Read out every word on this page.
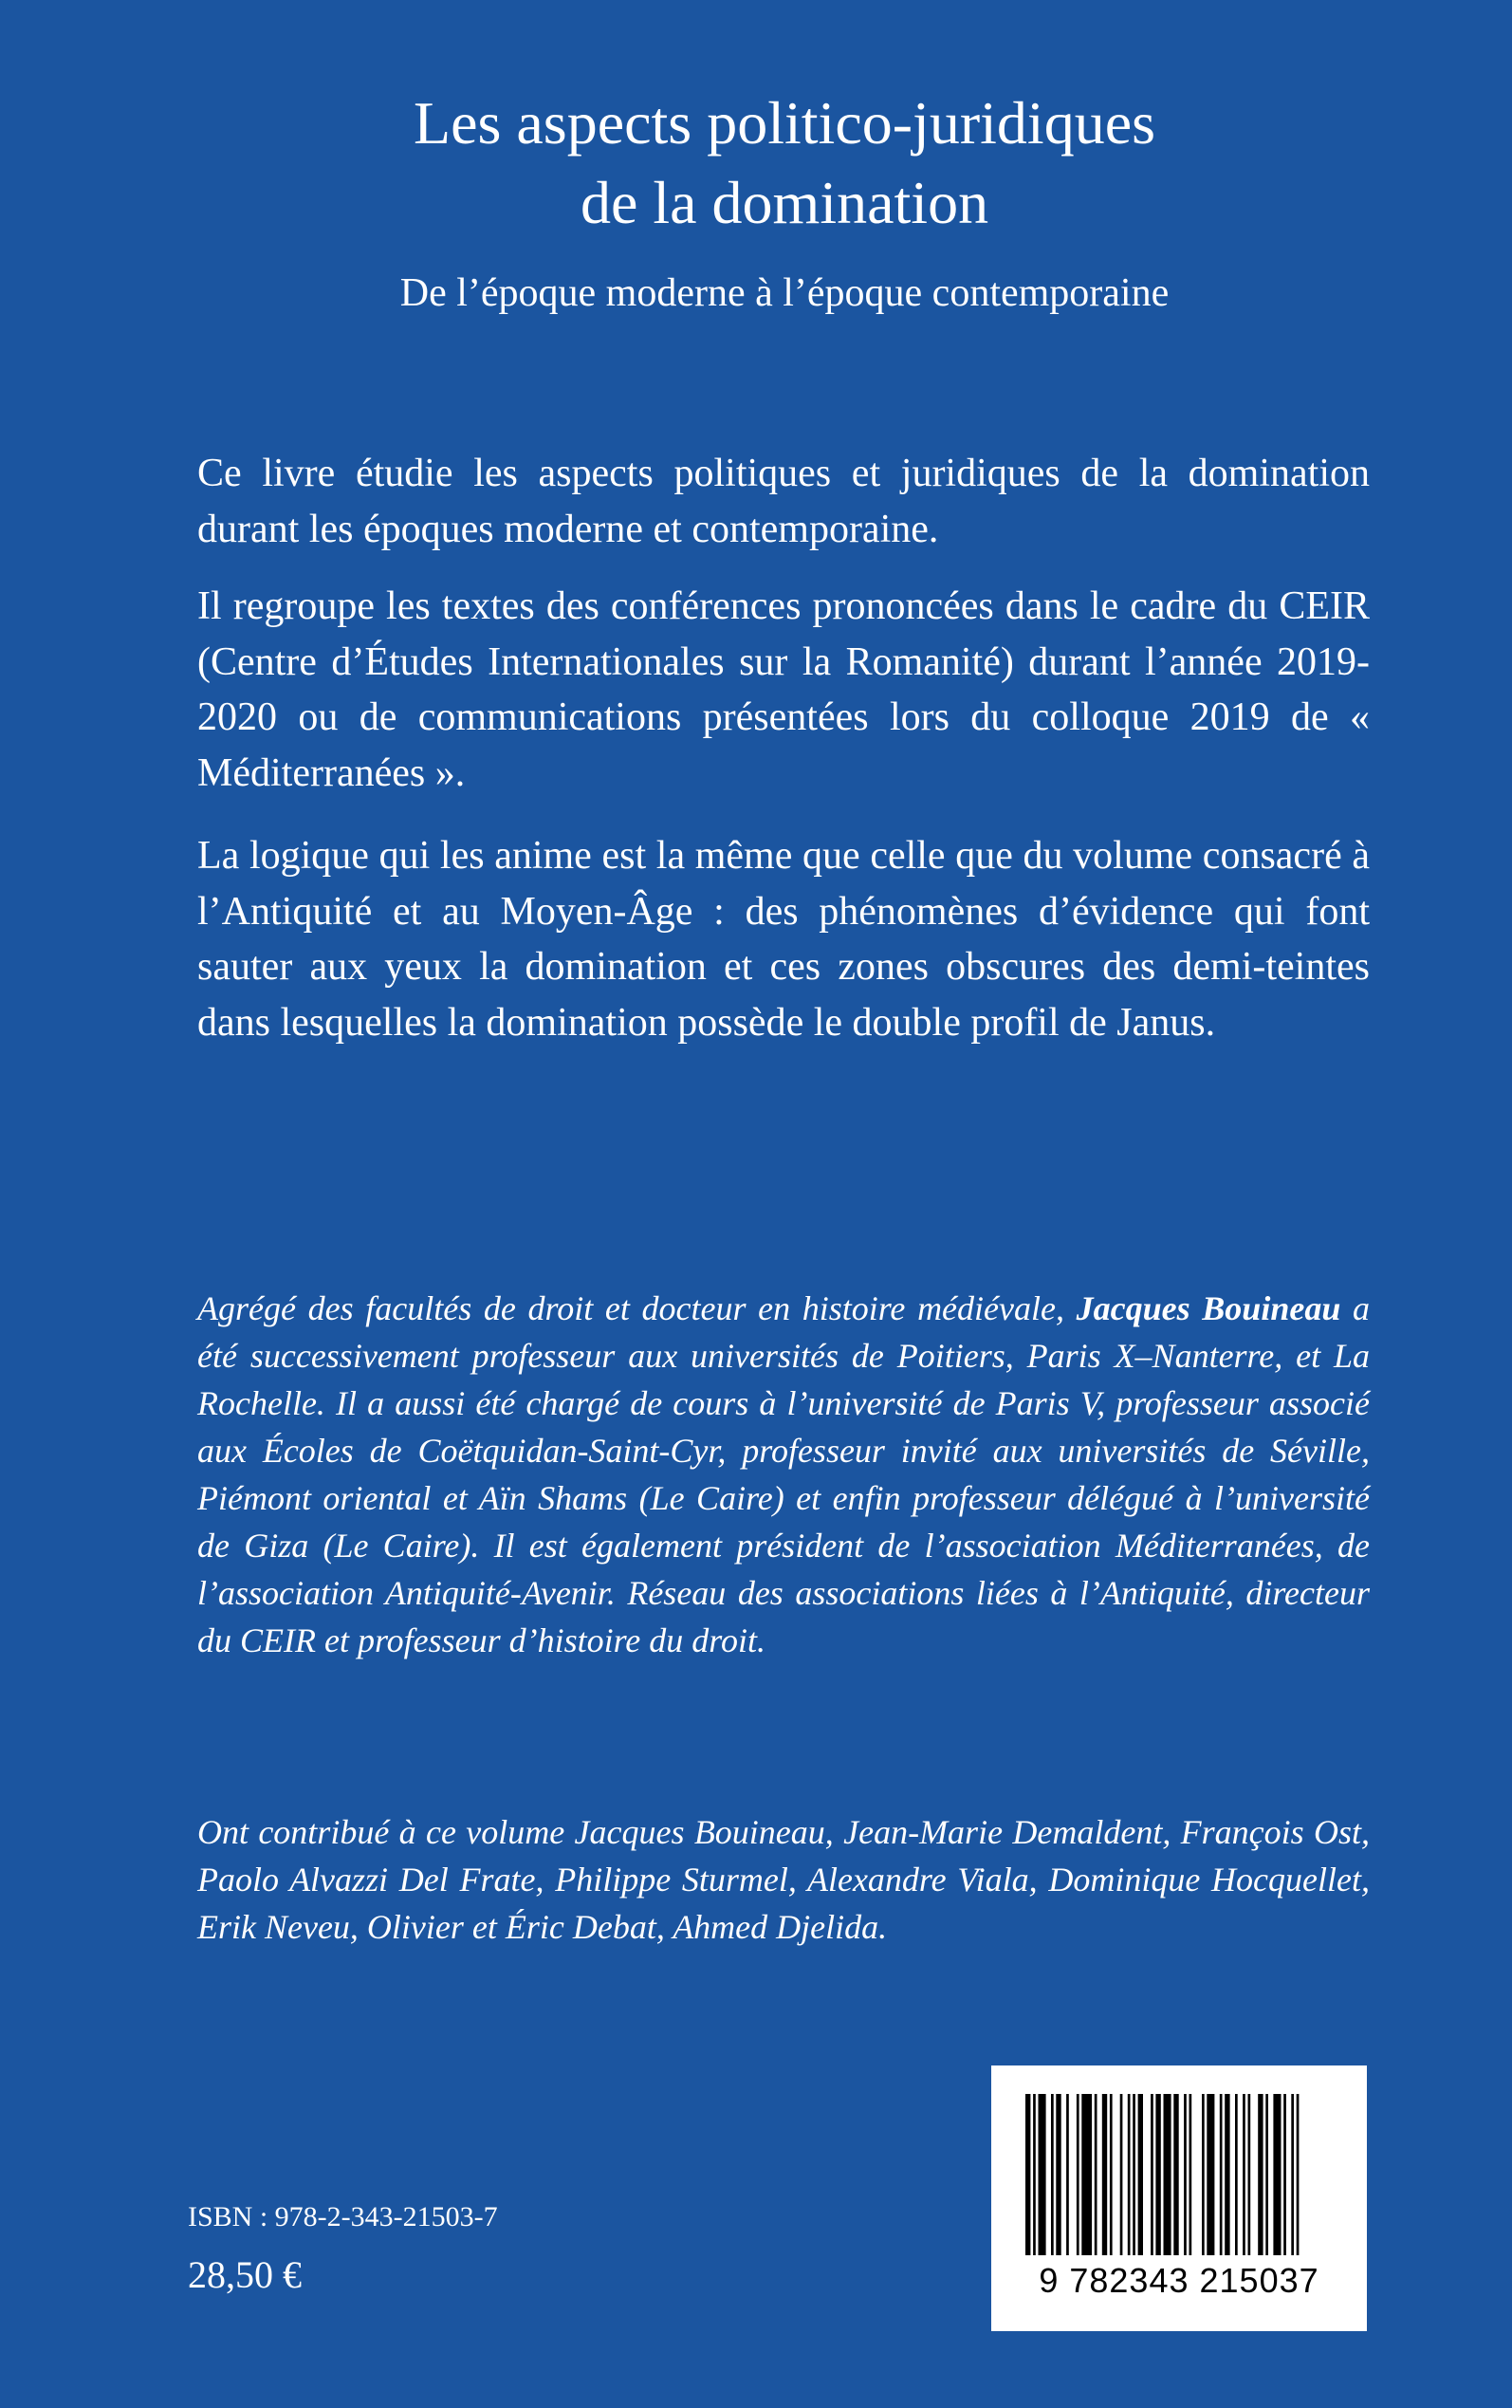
Les aspects politico-juridiques
de la domination
De l’époque moderne à l’époque contemporaine

Ce livre étudie les aspects politiques et juridiques de la domination durant les époques moderne et contemporaine.

Il regroupe les textes des conférences prononcées dans le cadre du CEIR (Centre d’Études Internationales sur la Romanité) durant l’année 2019-2020 ou de communications présentées lors du colloque 2019 de « Méditerranées ».

La logique qui les anime est la même que celle que du volume consacré à l’Antiquité et au Moyen-Âge : des phénomènes d’évidence qui font sauter aux yeux la domination et ces zones obscures des demi-teintes dans lesquelles la domination possède le double profil de Janus.

Agrégé des facultés de droit et docteur en histoire médiévale, Jacques Bouineau a été successivement professeur aux universités de Poitiers, Paris X–Nanterre, et La Rochelle. Il a aussi été chargé de cours à l’université de Paris V, professeur associé aux Écoles de Coëtquidan-Saint-Cyr, professeur invité aux universités de Séville, Piémont oriental et Aïn Shams (Le Caire) et enfin professeur délégué à l’université de Giza (Le Caire). Il est également président de l’association Méditerranées, de l’association Antiquité-Avenir. Réseau des associations liées à l’Antiquité, directeur du CEIR et professeur d’histoire du droit.

Ont contribué à ce volume Jacques Bouineau, Jean-Marie Demaldent, François Ost, Paolo Alvazzi Del Frate, Philippe Sturmel, Alexandre Viala, Dominique Hocquellet, Erik Neveu, Olivier et Éric Debat, Ahmed Djelida.

ISBN : 978-2-343-21503-7
28,50 €	9 782343 215037
